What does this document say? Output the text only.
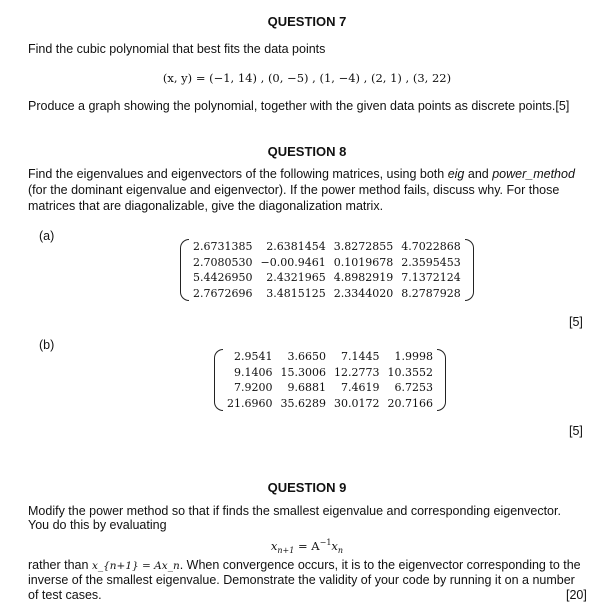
QUESTION 7
Find the cubic polynomial that best fits the data points
(x, y) = (−1, 14) , (0, −5) , (1, −4) , (2, 1) , (3, 22)
Produce a graph showing the polynomial, together with the given data points as discrete points.[5]
QUESTION 8
Find the eigenvalues and eigenvectors of the following matrices, using both eig and power_method
(for the dominant eigenvalue and eigenvector). If the power method fails, discuss why. For those
matrices that are diagonalizable, give the diagonalization matrix.
(a)
2.6731385	2.6381454	3.8272855	4.7022868
2.7080530	−0.00.9461	0.1019678	2.3595453
5.4426950	2.4321965	4.8982919	7.1372124
2.7672696	3.4815125	2.3344020	8.2787928
[5]
(b)
2.9541	3.6650	7.1445	1.9998
9.1406	15.3006	12.2773	10.3552
7.9200	9.6881	7.4619	6.7253
21.6960	35.6289	30.0172	20.7166
[5]
QUESTION 9
Modify the power method so that if finds the smallest eigenvalue and corresponding eigenvector.
You do this by evaluating
$x_{n+1} = A^{-1}x_n$
rather than x_{n+1} = Ax_n. When convergence occurs, it is to the eigenvector corresponding to the
inverse of the smallest eigenvalue. Demonstrate the validity of your code by running it on a number
of test cases.	[20]
